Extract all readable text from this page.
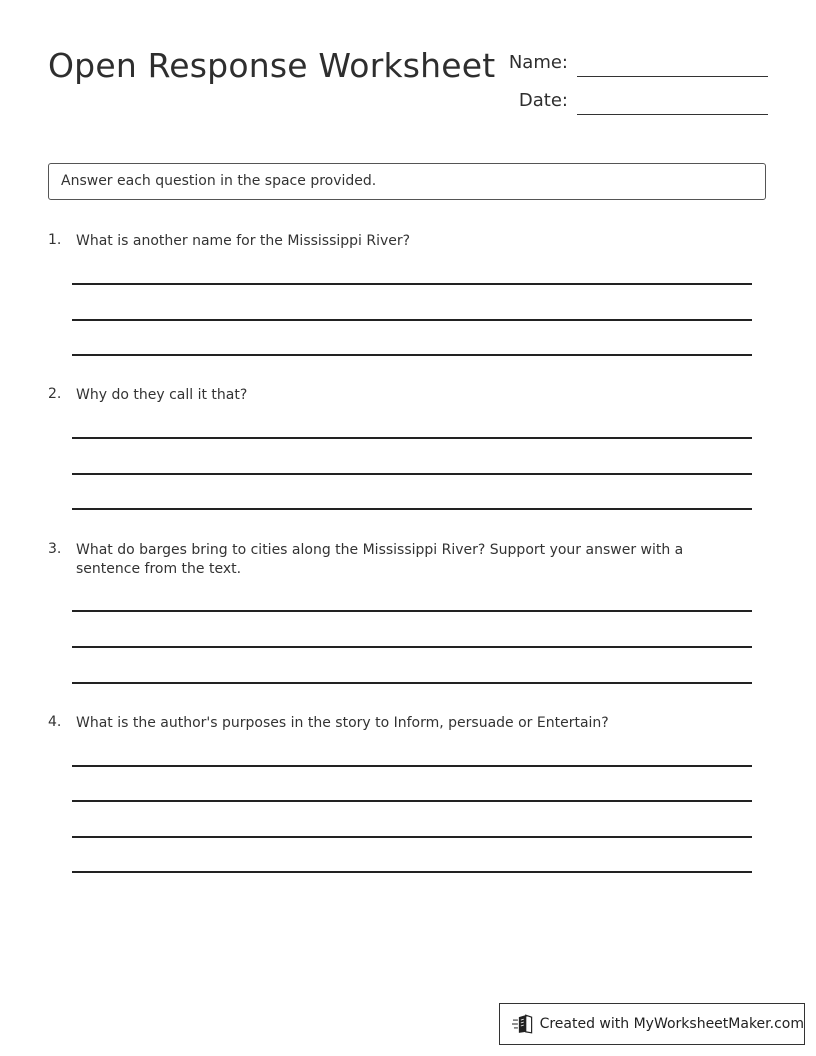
Open Response Worksheet Name:
Date:
Answer each question in the space provided.
1. What is another name for the Mississippi River?
2. Why do they call it that?
3. What do barges bring to cities along the Mississippi River? Support your answer with a sentence from the text.
4. What is the author's purposes in the story to Inform, persuade or Entertain?
Created with MyWorksheetMaker.com
